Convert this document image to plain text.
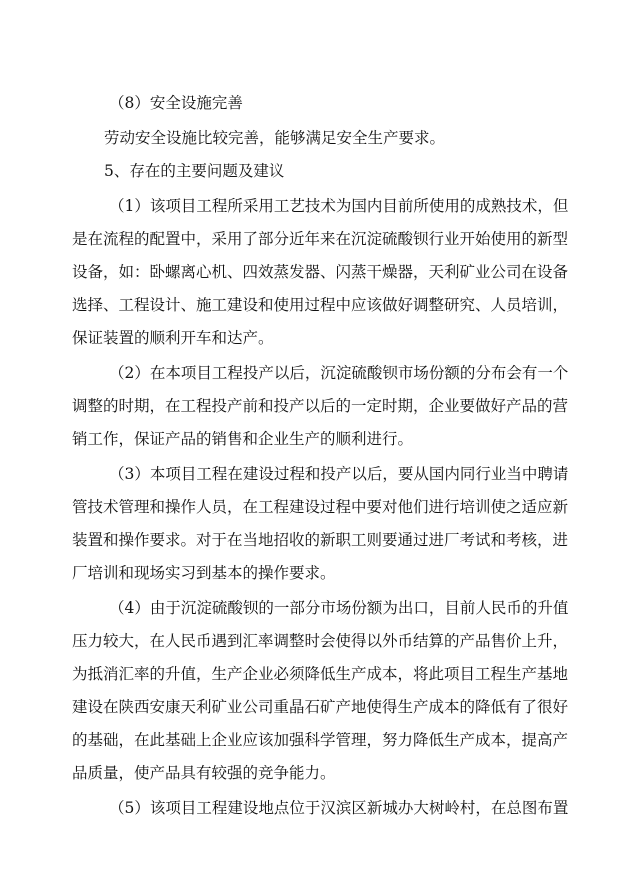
（8）安全设施完善
劳动安全设施比较完善，能够满足安全生产要求。
5、存在的主要问题及建议
（1）该项目工程所采用工艺技术为国内目前所使用的成熟技术，但
是在流程的配置中，采用了部分近年来在沉淀硫酸钡行业开始使用的新型
设备，如：卧螺离心机、四效蒸发器、闪蒸干燥器，天利矿业公司在设备
选择、工程设计、施工建设和使用过程中应该做好调整研究、人员培训，
保证装置的顺利开车和达产。
（2）在本项目工程投产以后，沉淀硫酸钡市场份额的分布会有一个
调整的时期，在工程投产前和投产以后的一定时期，企业要做好产品的营
销工作，保证产品的销售和企业生产的顺利进行。
（3）本项目工程在建设过程和投产以后，要从国内同行业当中聘请
管技术管理和操作人员，在工程建设过程中要对他们进行培训使之适应新
装置和操作要求。对于在当地招收的新职工则要通过进厂考试和考核，进
厂培训和现场实习到基本的操作要求。
（4）由于沉淀硫酸钡的一部分市场份额为出口，目前人民币的升值
压力较大，在人民币遇到汇率调整时会使得以外币结算的产品售价上升，
为抵消汇率的升值，生产企业必须降低生产成本，将此项目工程生产基地
建设在陕西安康天利矿业公司重晶石矿产地使得生产成本的降低有了很好
的基础，在此基础上企业应该加强科学管理，努力降低生产成本，提高产
品质量，使产品具有较强的竞争能力。
（5）该项目工程建设地点位于汉滨区新城办大树岭村，在总图布置
